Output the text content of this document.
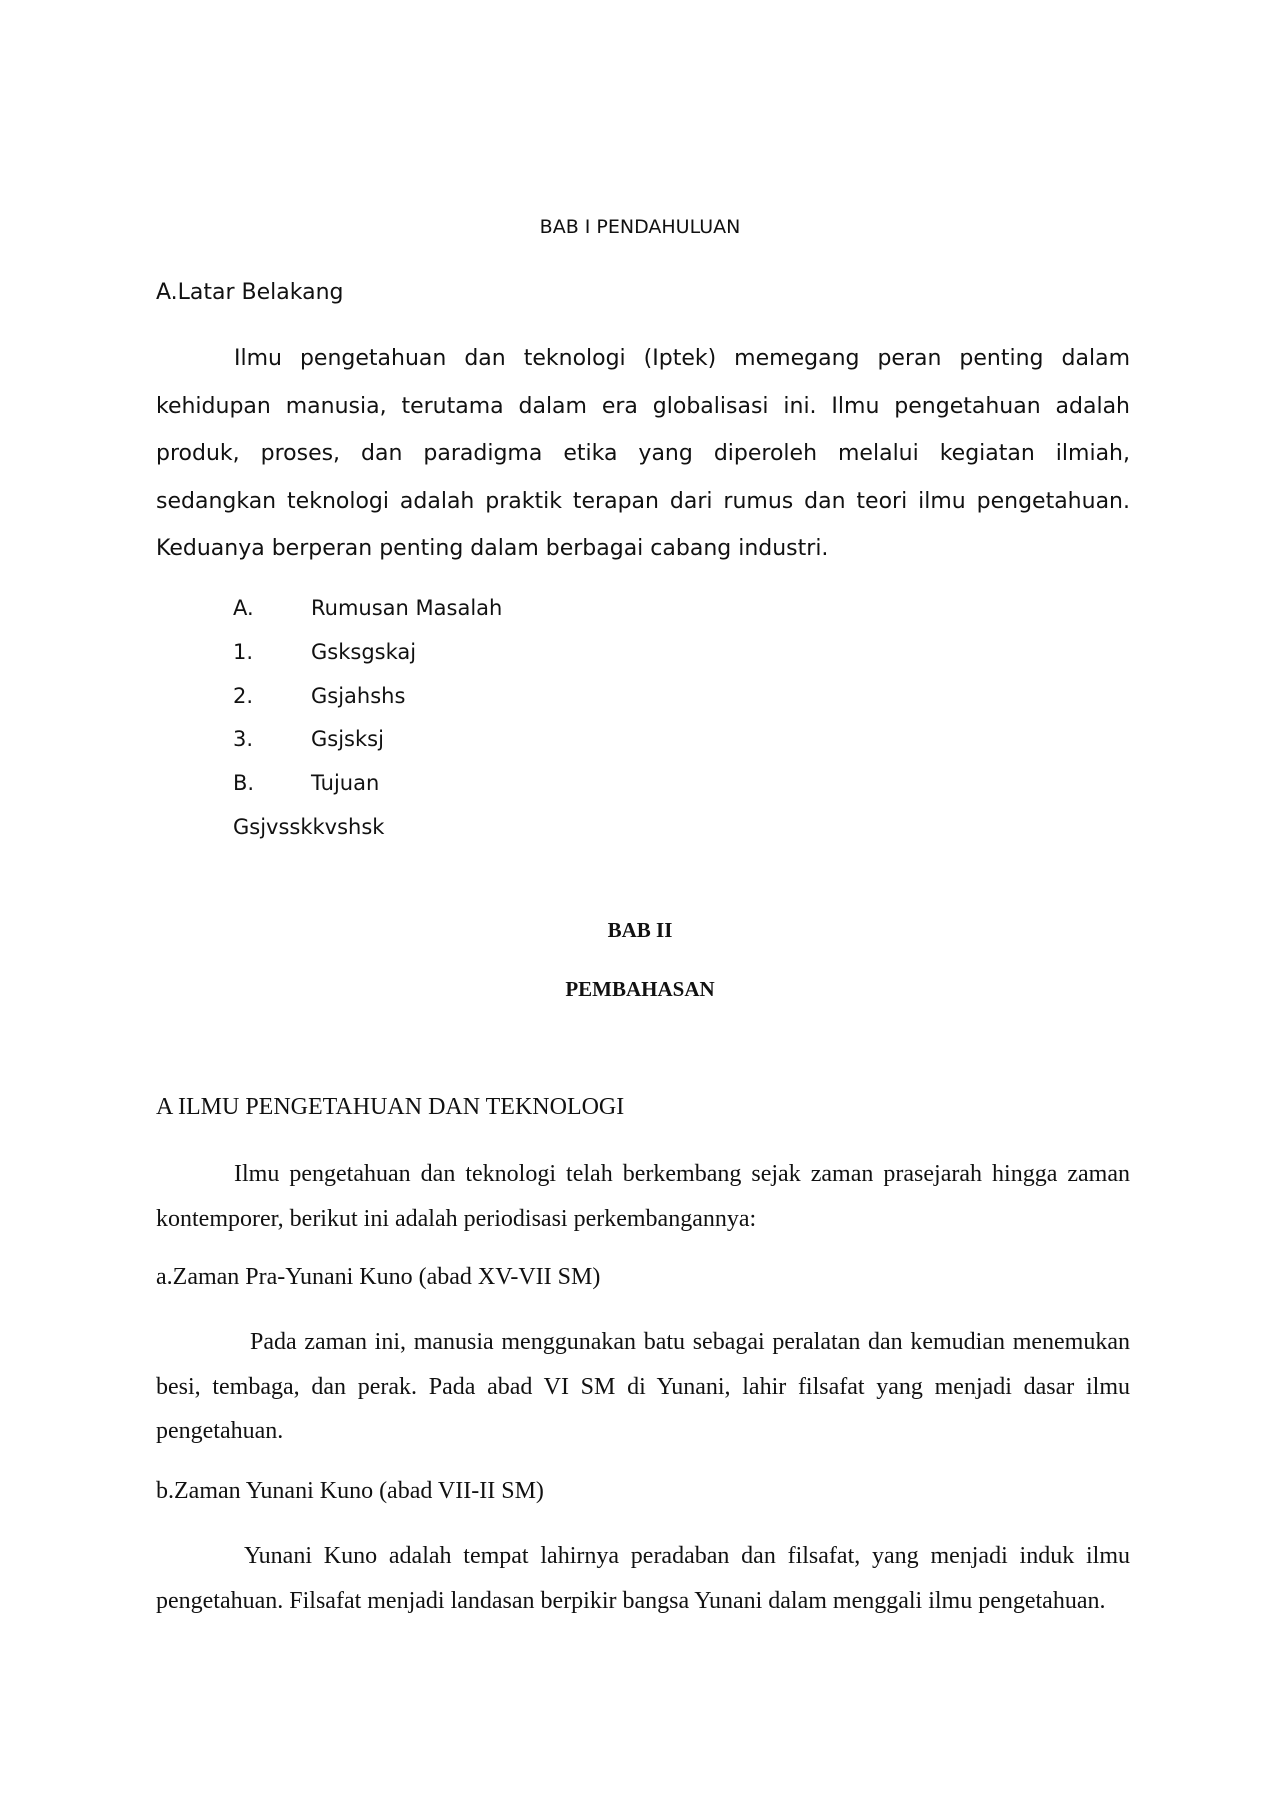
BAB I PENDAHULUAN

A.Latar Belakang

Ilmu pengetahuan dan teknologi (Iptek) memegang peran penting dalam kehidupan manusia, terutama dalam era globalisasi ini. Ilmu pengetahuan adalah produk, proses, dan paradigma etika yang diperoleh melalui kegiatan ilmiah, sedangkan teknologi adalah praktik terapan dari rumus dan teori ilmu pengetahuan. Keduanya berperan penting dalam berbagai cabang industri.

A.	Rumusan Masalah
1.	Gsksgskaj
2.	Gsjahshs
3.	Gsjsksj
B.	Tujuan

Gsjvsskkvshsk

BAB II

PEMBAHASAN

A ILMU PENGETAHUAN DAN TEKNOLOGI

Ilmu pengetahuan dan teknologi telah berkembang sejak zaman prasejarah hingga zaman kontemporer, berikut ini adalah periodisasi perkembangannya:

a.Zaman Pra-Yunani Kuno (abad XV-VII SM)

Pada zaman ini, manusia menggunakan batu sebagai peralatan dan kemudian menemukan besi, tembaga, dan perak. Pada abad VI SM di Yunani, lahir filsafat yang menjadi dasar ilmu pengetahuan.

b.Zaman Yunani Kuno (abad VII-II SM)

Yunani Kuno adalah tempat lahirnya peradaban dan filsafat, yang menjadi induk ilmu pengetahuan. Filsafat menjadi landasan berpikir bangsa Yunani dalam menggali ilmu pengetahuan.
